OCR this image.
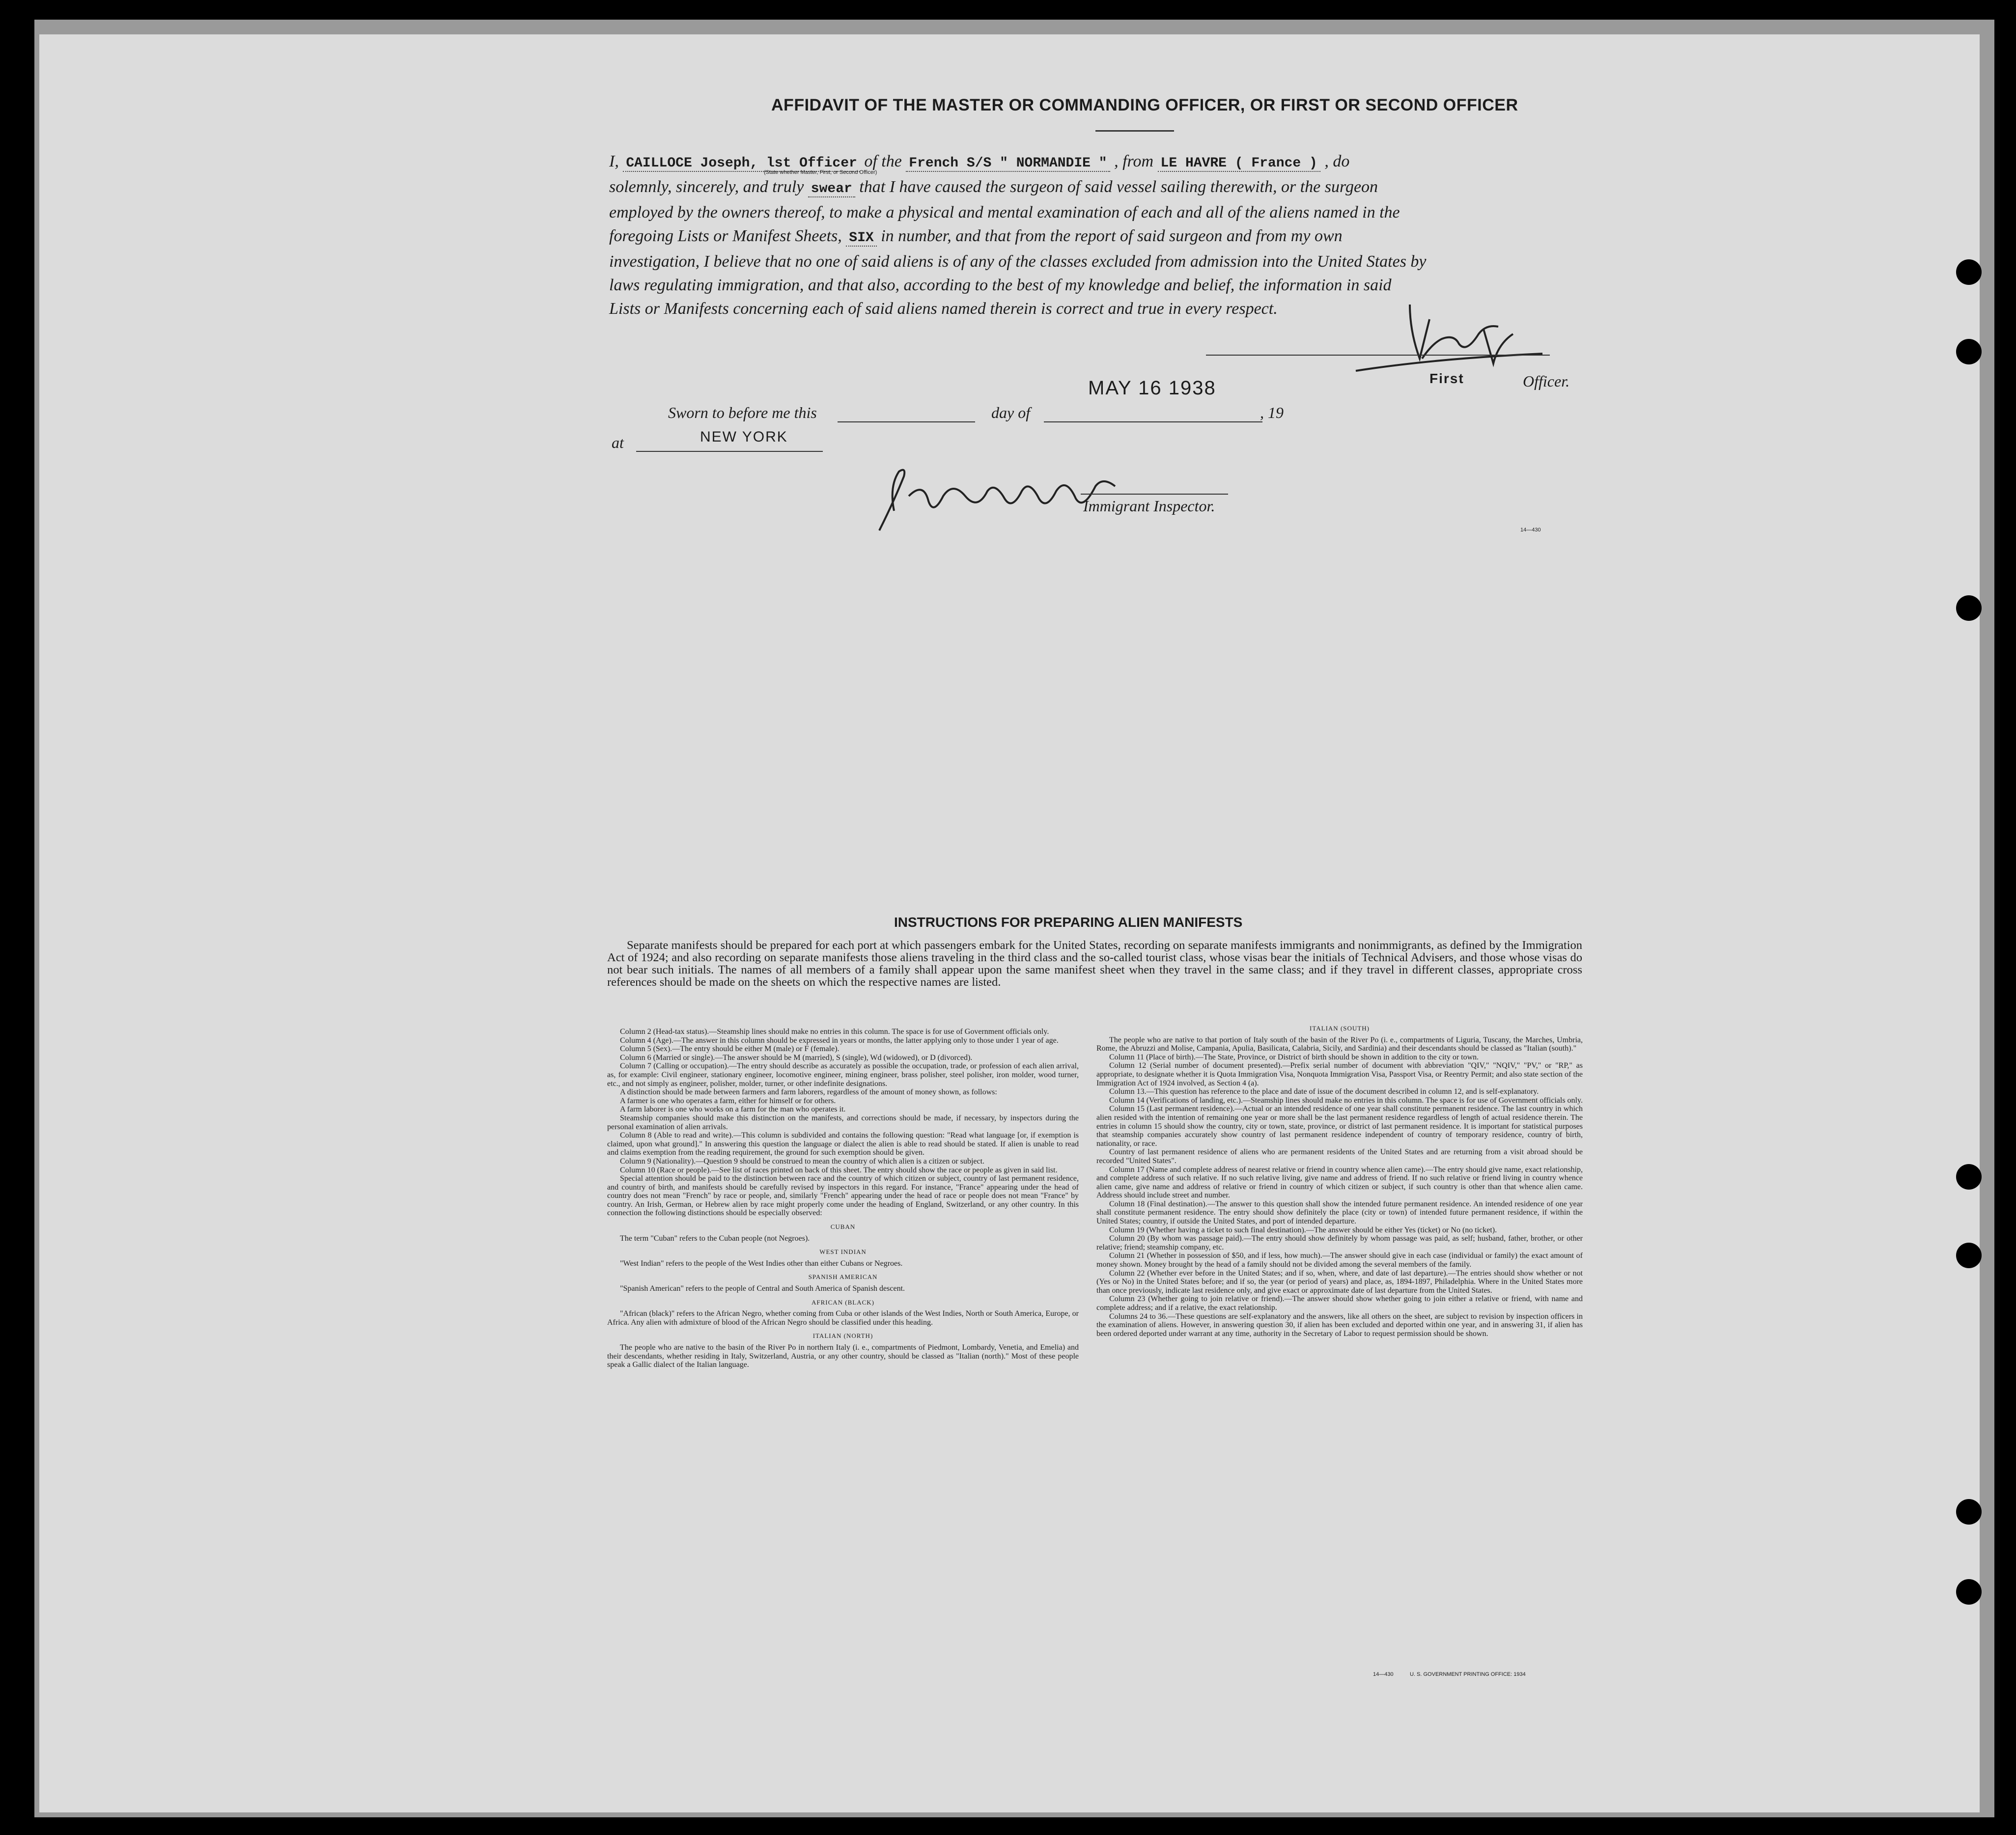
AFFIDAVIT OF THE MASTER OR COMMANDING OFFICER, OR FIRST OR SECOND OFFICER

I, CAILLOCE Joseph, lst Officer of the French S/S " NORMANDIE " , from LE HAVRE ( France ) , do

solemnly, sincerely, and truly swear that I have caused the surgeon of said vessel sailing therewith, or the surgeon

employed by the owners thereof, to make a physical and mental examination of each and all of the aliens named in the

foregoing Lists or Manifest Sheets, SIX in number, and that from the report of said surgeon and from my own

investigation, I believe that no one of said aliens is of any of the classes excluded from admission into the United States by

laws regulating immigration, and that also, according to the best of my knowledge and belief, the information in said

Lists or Manifests concerning each of said aliens named therein is correct and true in every respect.

(State whether Master, First, or Second Officer)
First	Officer.
MAY 16 1938
Sworn to before me this	day of	, 19
at	NEW YORK
Immigrant Inspector.
14—430
INSTRUCTIONS FOR PREPARING ALIEN MANIFESTS
Separate manifests should be prepared for each port at which passengers embark for the United States, recording on separate manifests immigrants and nonimmigrants, as defined by the Immigration Act of 1924; and also recording on separate manifests those aliens traveling in the third class and the so-called tourist class, whose visas bear the initials of Technical Advisers, and those whose visas do not bear such initials. The names of all members of a family shall appear upon the same manifest sheet when they travel in the same class; and if they travel in different classes, appropriate cross references should be made on the sheets on which the respective names are listed.

Column 2 (Head-tax status).—Steamship lines should make no entries in this column. The space is for use of Government officials only.

Column 4 (Age).—The answer in this column should be expressed in years or months, the latter applying only to those under 1 year of age.

Column 5 (Sex).—The entry should be either M (male) or F (female).

Column 6 (Married or single).—The answer should be M (married), S (single), Wd (widowed), or D (divorced).

Column 7 (Calling or occupation).—The entry should describe as accurately as possible the occupation, trade, or profession of each alien arrival, as, for example: Civil engineer, stationary engineer, locomotive engineer, mining engineer, brass polisher, steel polisher, iron molder, wood turner, etc., and not simply as engineer, polisher, molder, turner, or other indefinite designations.

A distinction should be made between farmers and farm laborers, regardless of the amount of money shown, as follows:

A farmer is one who operates a farm, either for himself or for others.

A farm laborer is one who works on a farm for the man who operates it.

Steamship companies should make this distinction on the manifests, and corrections should be made, if necessary, by inspectors during the personal examination of alien arrivals.

Column 8 (Able to read and write).—This column is subdivided and contains the following question: "Read what language [or, if exemption is claimed, upon what ground]." In answering this question the language or dialect the alien is able to read should be stated. If alien is unable to read and claims exemption from the reading requirement, the ground for such exemption should be given.

Column 9 (Nationality).—Question 9 should be construed to mean the country of which alien is a citizen or subject.

Column 10 (Race or people).—See list of races printed on back of this sheet. The entry should show the race or people as given in said list.

Special attention should be paid to the distinction between race and the country of which citizen or subject, country of last permanent residence, and country of birth, and manifests should be carefully revised by inspectors in this regard. For instance, "France" appearing under the head of country does not mean "French" by race or people, and, similarly "French" appearing under the head of race or people does not mean "France" by country. An Irish, German, or Hebrew alien by race might properly come under the heading of England, Switzerland, or any other country. In this connection the following distinctions should be especially observed:

CUBAN

The term "Cuban" refers to the Cuban people (not Negroes).

WEST INDIAN

"West Indian" refers to the people of the West Indies other than either Cubans or Negroes.

SPANISH AMERICAN

"Spanish American" refers to the people of Central and South America of Spanish descent.

AFRICAN (BLACK)

"African (black)" refers to the African Negro, whether coming from Cuba or other islands of the West Indies, North or South America, Europe, or Africa. Any alien with admixture of blood of the African Negro should be classified under this heading.

ITALIAN (NORTH)

The people who are native to the basin of the River Po in northern Italy (i. e., compartments of Piedmont, Lombardy, Venetia, and Emelia) and their descendants, whether residing in Italy, Switzerland, Austria, or any other country, should be classed as "Italian (north)." Most of these people speak a Gallic dialect of the Italian language.

ITALIAN (SOUTH)

The people who are native to that portion of Italy south of the basin of the River Po (i. e., compartments of Liguria, Tuscany, the Marches, Umbria, Rome, the Abruzzi and Molise, Campania, Apulia, Basilicata, Calabria, Sicily, and Sardinia) and their descendants should be classed as "Italian (south)."

Column 11 (Place of birth).—The State, Province, or District of birth should be shown in addition to the city or town.

Column 12 (Serial number of document presented).—Prefix serial number of document with abbreviation "QIV," "NQIV," "PV," or "RP," as appropriate, to designate whether it is Quota Immigration Visa, Nonquota Immigration Visa, Passport Visa, or Reentry Permit; and also state section of the Immigration Act of 1924 involved, as Section 4 (a).

Column 13.—This question has reference to the place and date of issue of the document described in column 12, and is self-explanatory.

Column 14 (Verifications of landing, etc.).—Steamship lines should make no entries in this column. The space is for use of Government officials only.

Column 15 (Last permanent residence).—Actual or an intended residence of one year shall constitute permanent residence. The last country in which alien resided with the intention of remaining one year or more shall be the last permanent residence regardless of length of actual residence therein. The entries in column 15 should show the country, city or town, state, province, or district of last permanent residence. It is important for statistical purposes that steamship companies accurately show country of last permanent residence independent of country of temporary residence, country of birth, nationality, or race.

Country of last permanent residence of aliens who are permanent residents of the United States and are returning from a visit abroad should be recorded "United States".

Column 17 (Name and complete address of nearest relative or friend in country whence alien came).—The entry should give name, exact relationship, and complete address of such relative. If no such relative living, give name and address of friend. If no such relative or friend living in country whence alien came, give name and address of relative or friend in country of which citizen or subject, if such country is other than that whence alien came. Address should include street and number.

Column 18 (Final destination).—The answer to this question shall show the intended future permanent residence. An intended residence of one year shall constitute permanent residence. The entry should show definitely the place (city or town) of intended future permanent residence, if within the United States; country, if outside the United States, and port of intended departure.

Column 19 (Whether having a ticket to such final destination).—The answer should be either Yes (ticket) or No (no ticket).

Column 20 (By whom was passage paid).—The entry should show definitely by whom passage was paid, as self; husband, father, brother, or other relative; friend; steamship company, etc.

Column 21 (Whether in possession of $50, and if less, how much).—The answer should give in each case (individual or family) the exact amount of money shown. Money brought by the head of a family should not be divided among the several members of the family.

Column 22 (Whether ever before in the United States; and if so, when, where, and date of last departure).—The entries should show whether or not (Yes or No) in the United States before; and if so, the year (or period of years) and place, as, 1894-1897, Philadelphia. Where in the United States more than once previously, indicate last residence only, and give exact or approximate date of last departure from the United States.

Column 23 (Whether going to join relative or friend).—The answer should show whether going to join either a relative or friend, with name and complete address; and if a relative, the exact relationship.

Columns 24 to 36.—These questions are self-explanatory and the answers, like all others on the sheet, are subject to revision by inspection officers in the examination of aliens. However, in answering question 30, if alien has been excluded and deported within one year, and in answering 31, if alien has been ordered deported under warrant at any time, authority in the Secretary of Labor to request permission should be shown.

14—430	U. S. GOVERNMENT PRINTING OFFICE: 1934
